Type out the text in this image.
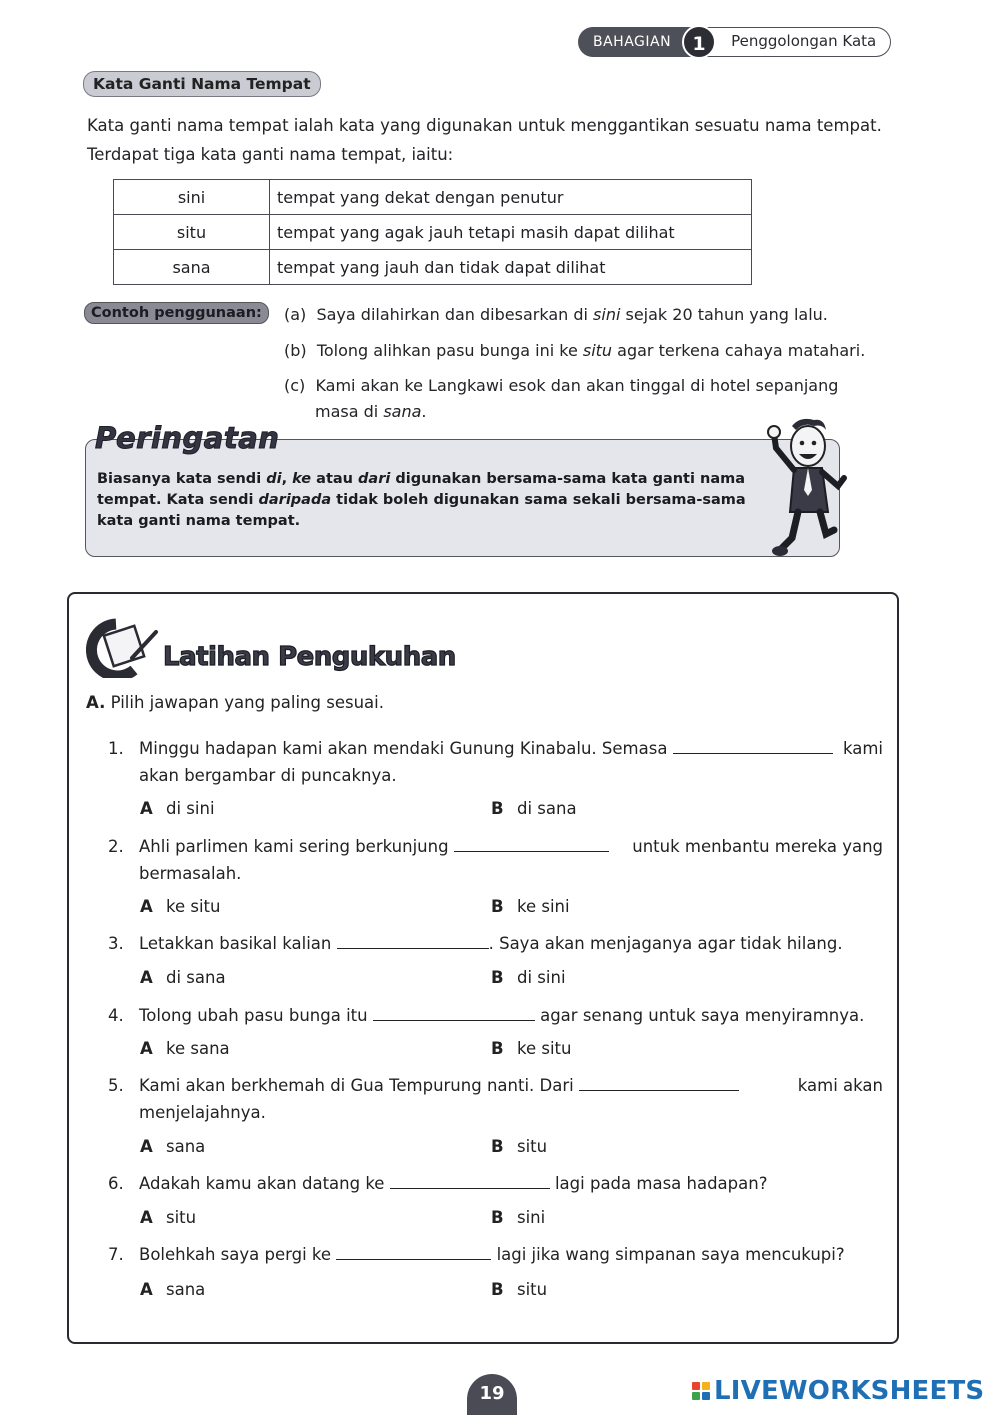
BAHAGIAN	1	Penggolongan Kata
Kata Ganti Nama Tempat
Kata ganti nama tempat ialah kata yang digunakan untuk menggantikan sesuatu nama tempat.
Terdapat tiga kata ganti nama tempat, iaitu:
sini	tempat yang dekat dengan penutur
situ	tempat yang agak jauh tetapi masih dapat dilihat
sana	tempat yang jauh dan tidak dapat dilihat
Contoh penggunaan:	(a) Saya dilahirkan dan dibesarkan di sini sejak 20 tahun yang lalu.
(b) Tolong alihkan pasu bunga ini ke situ agar terkena cahaya matahari.
(c) Kami akan ke Langkawi esok dan akan tinggal di hotel sepanjang
masa di sana.
Peringatan
Biasanya kata sendi di, ke atau dari digunakan bersama-sama kata ganti nama
tempat. Kata sendi daripada tidak boleh digunakan sama sekali bersama-sama
kata ganti nama tempat.
Latihan Pengukuhan
A. Pilih jawapan yang paling sesuai.
1. Minggu hadapan kami akan mendaki Gunung Kinabalu. Semasa	kami
akan bergambar di puncaknya.
A di sini	B di sana
2. Ahli parlimen kami sering berkunjung	untuk menbantu mereka yang
bermasalah.
A ke situ	B ke sini
3. Letakkan basikal kalian	. Saya akan menjaganya agar tidak hilang.
A di sana	B di sini
4. Tolong ubah pasu bunga itu	agar senang untuk saya menyiramnya.
A ke sana	B ke situ
5. Kami akan berkhemah di Gua Tempurung nanti. Dari	kami akan
menjelajahnya.
A sana	B situ
6. Adakah kamu akan datang ke	lagi pada masa hadapan?
A situ	B sini
7. Bolehkah saya pergi ke	lagi jika wang simpanan saya mencukupi?
A sana	B situ
19	LIVEWORKSHEETS
